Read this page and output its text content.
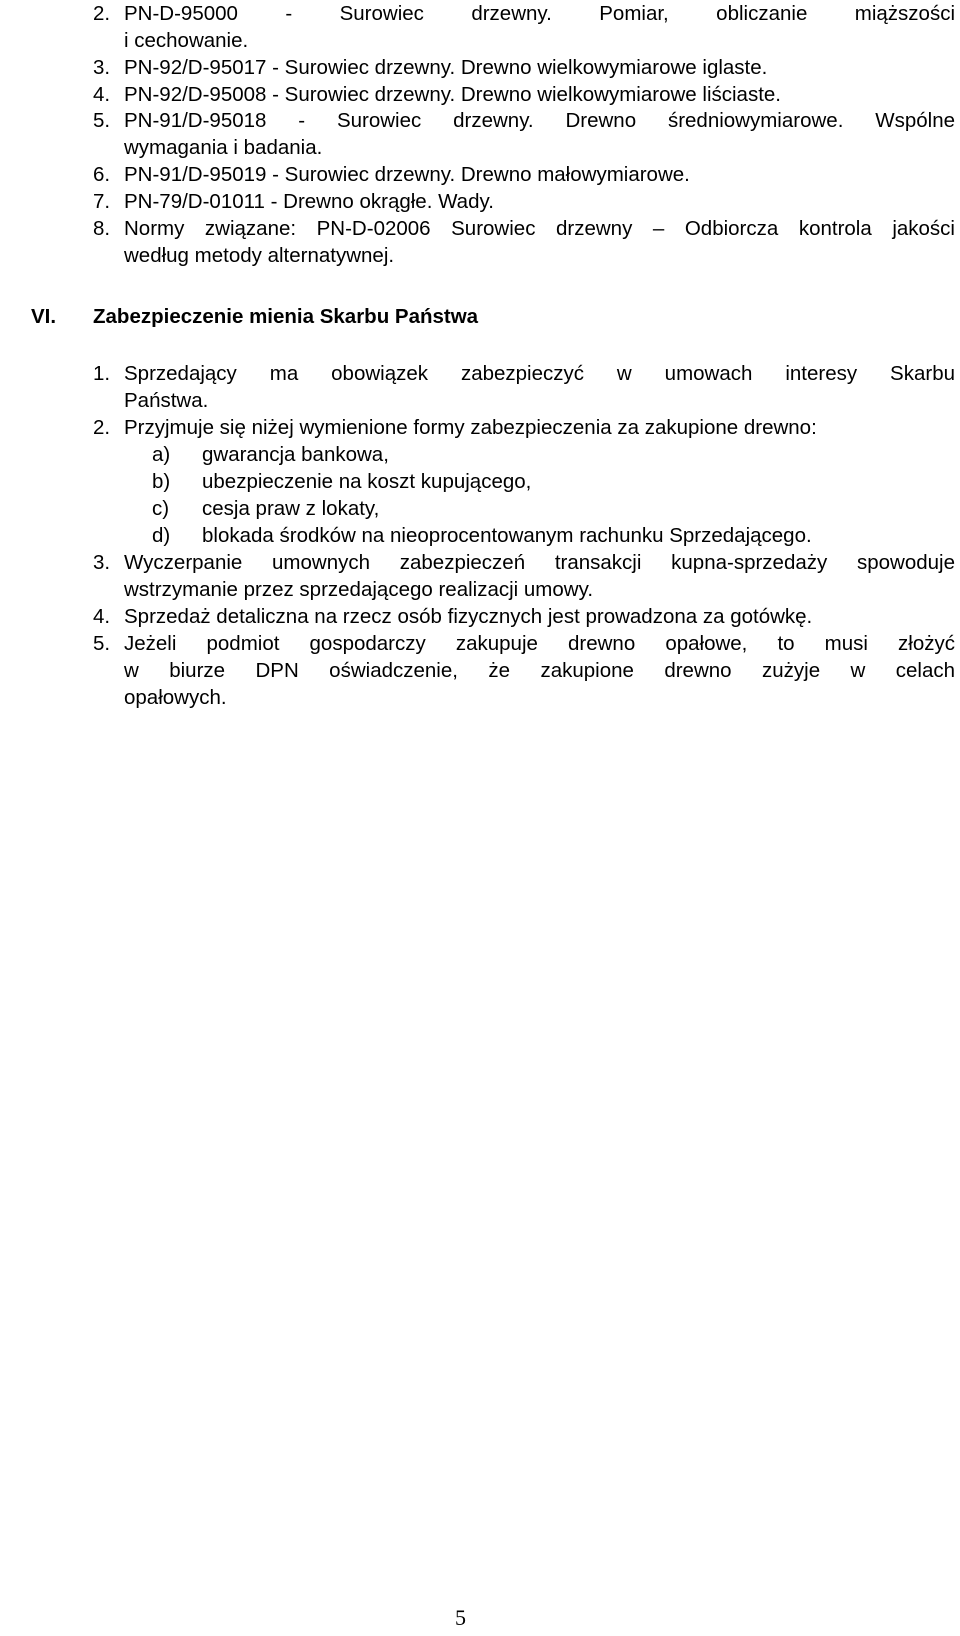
2. PN-D-95000 - Surowiec drzewny. Pomiar, obliczanie miąższości
i cechowanie.
3. PN-92/D-95017 - Surowiec drzewny. Drewno wielkowymiarowe iglaste.
4. PN-92/D-95008 - Surowiec drzewny. Drewno wielkowymiarowe liściaste.
5. PN-91/D-95018 - Surowiec drzewny. Drewno średniowymiarowe. Wspólne
wymagania i badania.
6. PN-91/D-95019 - Surowiec drzewny. Drewno małowymiarowe.
7. PN-79/D-01011 - Drewno okrągłe. Wady.
8. Normy związane: PN-D-02006 Surowiec drzewny – Odbiorcza kontrola jakości
według metody alternatywnej.
VI. Zabezpieczenie mienia Skarbu Państwa
1. Sprzedający ma obowiązek zabezpieczyć w umowach interesy Skarbu
Państwa.
2. Przyjmuje się niżej wymienione formy zabezpieczenia za zakupione drewno:
a) gwarancja bankowa,
b) ubezpieczenie na koszt kupującego,
c) cesja praw z lokaty,
d) blokada środków na nieoprocentowanym rachunku Sprzedającego.
3. Wyczerpanie umownych zabezpieczeń transakcji kupna-sprzedaży spowoduje
wstrzymanie przez sprzedającego realizacji umowy.
4. Sprzedaż detaliczna na rzecz osób fizycznych jest prowadzona za gotówkę.
5. Jeżeli podmiot gospodarczy zakupuje drewno opałowe, to musi złożyć
w biurze DPN oświadczenie, że zakupione drewno zużyje w celach
opałowych.
5
